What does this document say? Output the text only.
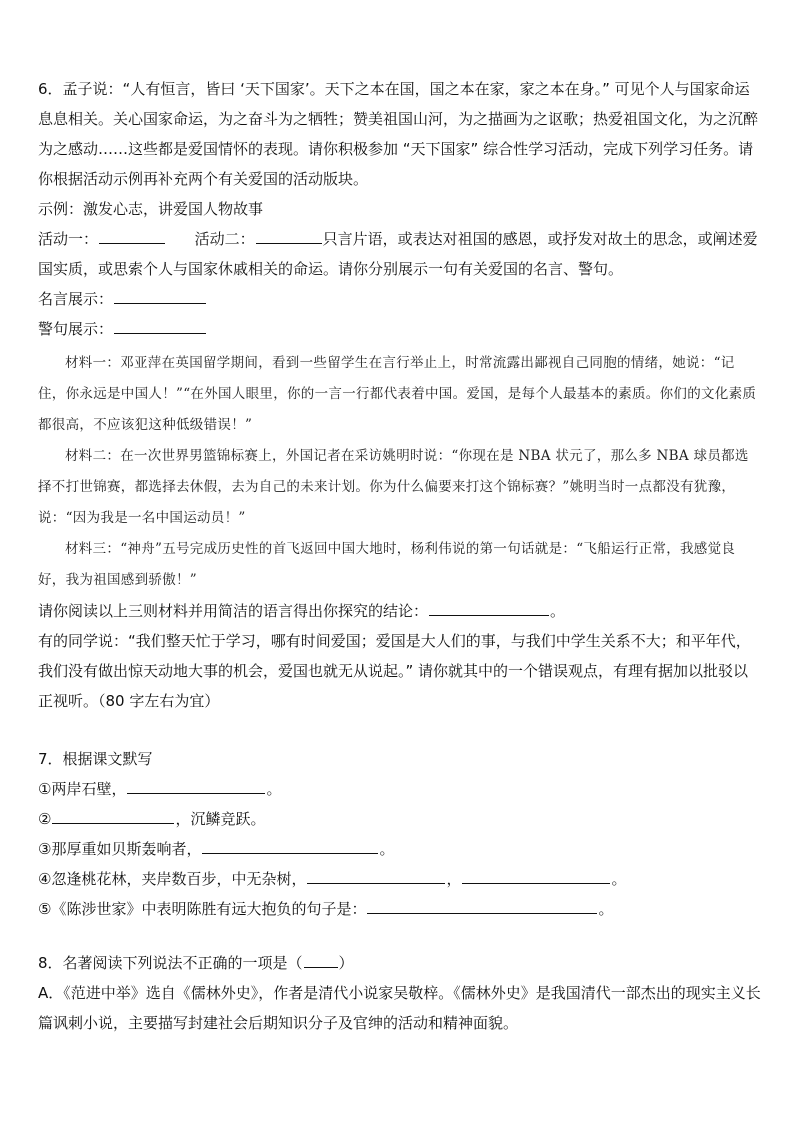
6．孟子说：“人有恒言，皆曰 ‘天下国家’。天下之本在国，国之本在家，家之本在身。” 可见个人与国家命运息息相关。关心国家命运，为之奋斗为之牺牲；赞美祖国山河，为之描画为之讴歌；热爱祖国文化，为之沉醉为之感动……这些都是爱国情怀的表现。请你积极参加 “天下国家” 综合性学习活动，完成下列学习任务。请你根据活动示例再补充两个有关爱国的活动版块。
示例：激发心志，讲爱国人物故事
活动一：	活动二：	只言片语，或表达对祖国的感恩，或抒发对故土的思念，或阐述爱国实质，或思索个人与国家休戚相关的命运。请你分别展示一句有关爱国的名言、警句。
名言展示：
警句展示：
材料一：邓亚萍在英国留学期间，看到一些留学生在言行举止上，时常流露出鄙视自己同胞的情绪，她说：“记住，你永远是中国人！”“在外国人眼里，你的一言一行都代表着中国。爱国，是每个人最基本的素质。你们的文化素质都很高，不应该犯这种低级错误！”
材料二：在一次世界男篮锦标赛上，外国记者在采访姚明时说：“你现在是 NBA 状元了，那么多 NBA 球员都选择不打世锦赛，都选择去休假，去为自己的未来计划。你为什么偏要来打这个锦标赛？”姚明当时一点都没有犹豫，说：“因为我是一名中国运动员！”
材料三：“神舟”五号完成历史性的首飞返回中国大地时，杨利伟说的第一句话就是：“飞船运行正常，我感觉良好，我为祖国感到骄傲！”
请你阅读以上三则材料并用简洁的语言得出你探究的结论：	。
有的同学说：“我们整天忙于学习，哪有时间爱国；爱国是大人们的事，与我们中学生关系不大；和平年代，我们没有做出惊天动地大事的机会，爱国也就无从说起。” 请你就其中的一个错误观点，有理有据加以批驳以正视听。（80 字左右为宜）
7．根据课文默写
①两岸石壁，	。
②	，沉鳞竞跃。
③那厚重如贝斯轰响者，	。
④忽逢桃花林，夹岸数百步，中无杂树，	，	。
⑤《陈涉世家》中表明陈胜有远大抱负的句子是：	。
8．名著阅读下列说法不正确的一项是（ ）
A．《范进中举》选自《儒林外史》，作者是清代小说家吴敬梓。《儒林外史》是我国清代一部杰出的现实主义长篇讽刺小说，主要描写封建社会后期知识分子及官绅的活动和精神面貌。
